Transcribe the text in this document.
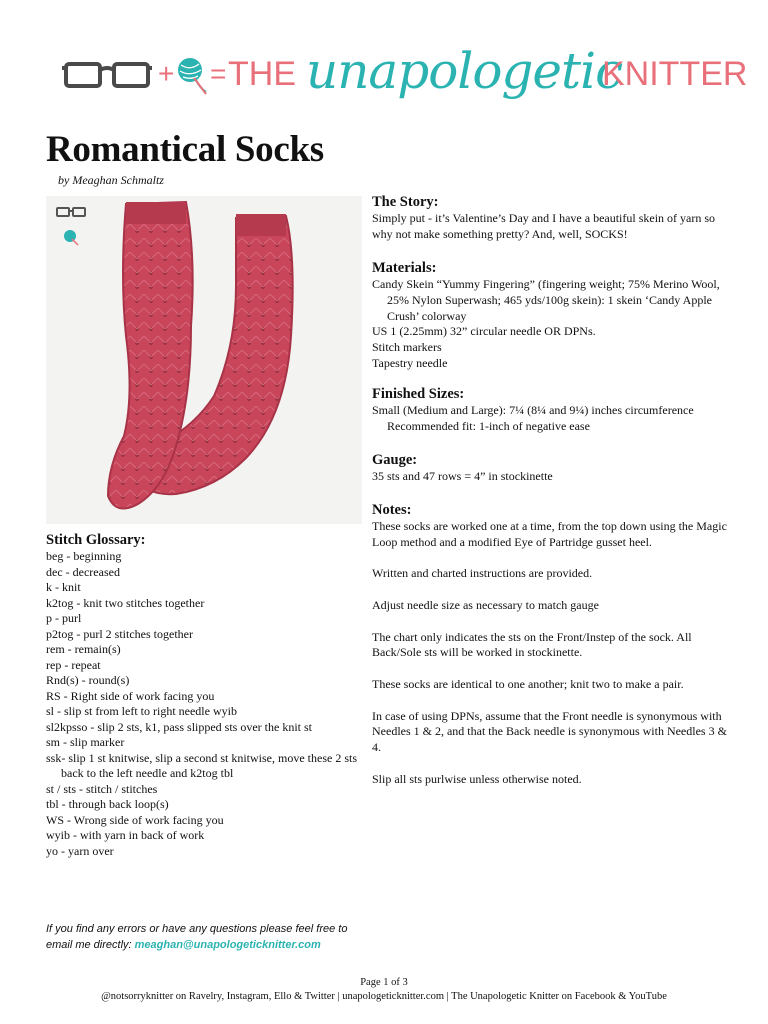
+ = THE unapologetic
KNITTER
Romantical Socks
by Meaghan Schmaltz
The Story:

Simply put - it’s Valentine’s Day and I have a beautiful skein of yarn so why not make something pretty? And, well, SOCKS!

Materials:

Candy Skein “Yummy Fingering” (fingering weight; 75% Merino Wool, 25% Nylon Superwash; 465 yds/100g skein): 1 skein ‘Candy Apple Crush’ colorway

US 1 (2.25mm) 32” circular needle OR DPNs.

Stitch markers

Tapestry needle

Finished Sizes:

Small (Medium and Large): 7¼ (8¼ and 9¼) inches circumference

Recommended fit: 1-inch of negative ease

Gauge:

35 sts and 47 rows = 4” in stockinette

Notes:

These socks are worked one at a time, from the top down using the Magic Loop method and a modified Eye of Partridge gusset heel.

Written and charted instructions are provided.

Adjust needle size as necessary to match gauge

The chart only indicates the sts on the Front/Instep of the sock. All Back/Sole sts will be worked in stockinette.

These socks are identical to one another; knit two to make a pair.

In case of using DPNs, assume that the Front needle is synonymous with Needles 1 & 2, and that the Back needle is synonymous with Needles 3 & 4.

Slip all sts purlwise unless otherwise noted.

Stitch Glossary:
beg - beginning
dec - decreased
k - knit
k2tog - knit two stitches together
p - purl
p2tog - purl 2 stitches together
rem - remain(s)
rep - repeat
Rnd(s) - round(s)
RS - Right side of work facing you
sl - slip st from left to right needle wyib
sl2kpsso - slip 2 sts, k1, pass slipped sts over the knit st
sm - slip marker
ssk- slip 1 st knitwise, slip a second st knitwise, move these 2 sts back to the left needle and k2tog tbl
st / sts - stitch / stitches
tbl - through back loop(s)
WS - Wrong side of work facing you
wyib - with yarn in back of work
yo - yarn over
If you find any errors or have any questions please feel free to
email me directly: meaghan@unapologeticknitter.com
Page 1 of 3
@notsorryknitter on Ravelry, Instagram, Ello & Twitter | unapologeticknitter.com | The Unapologetic Knitter on Facebook & YouTube
